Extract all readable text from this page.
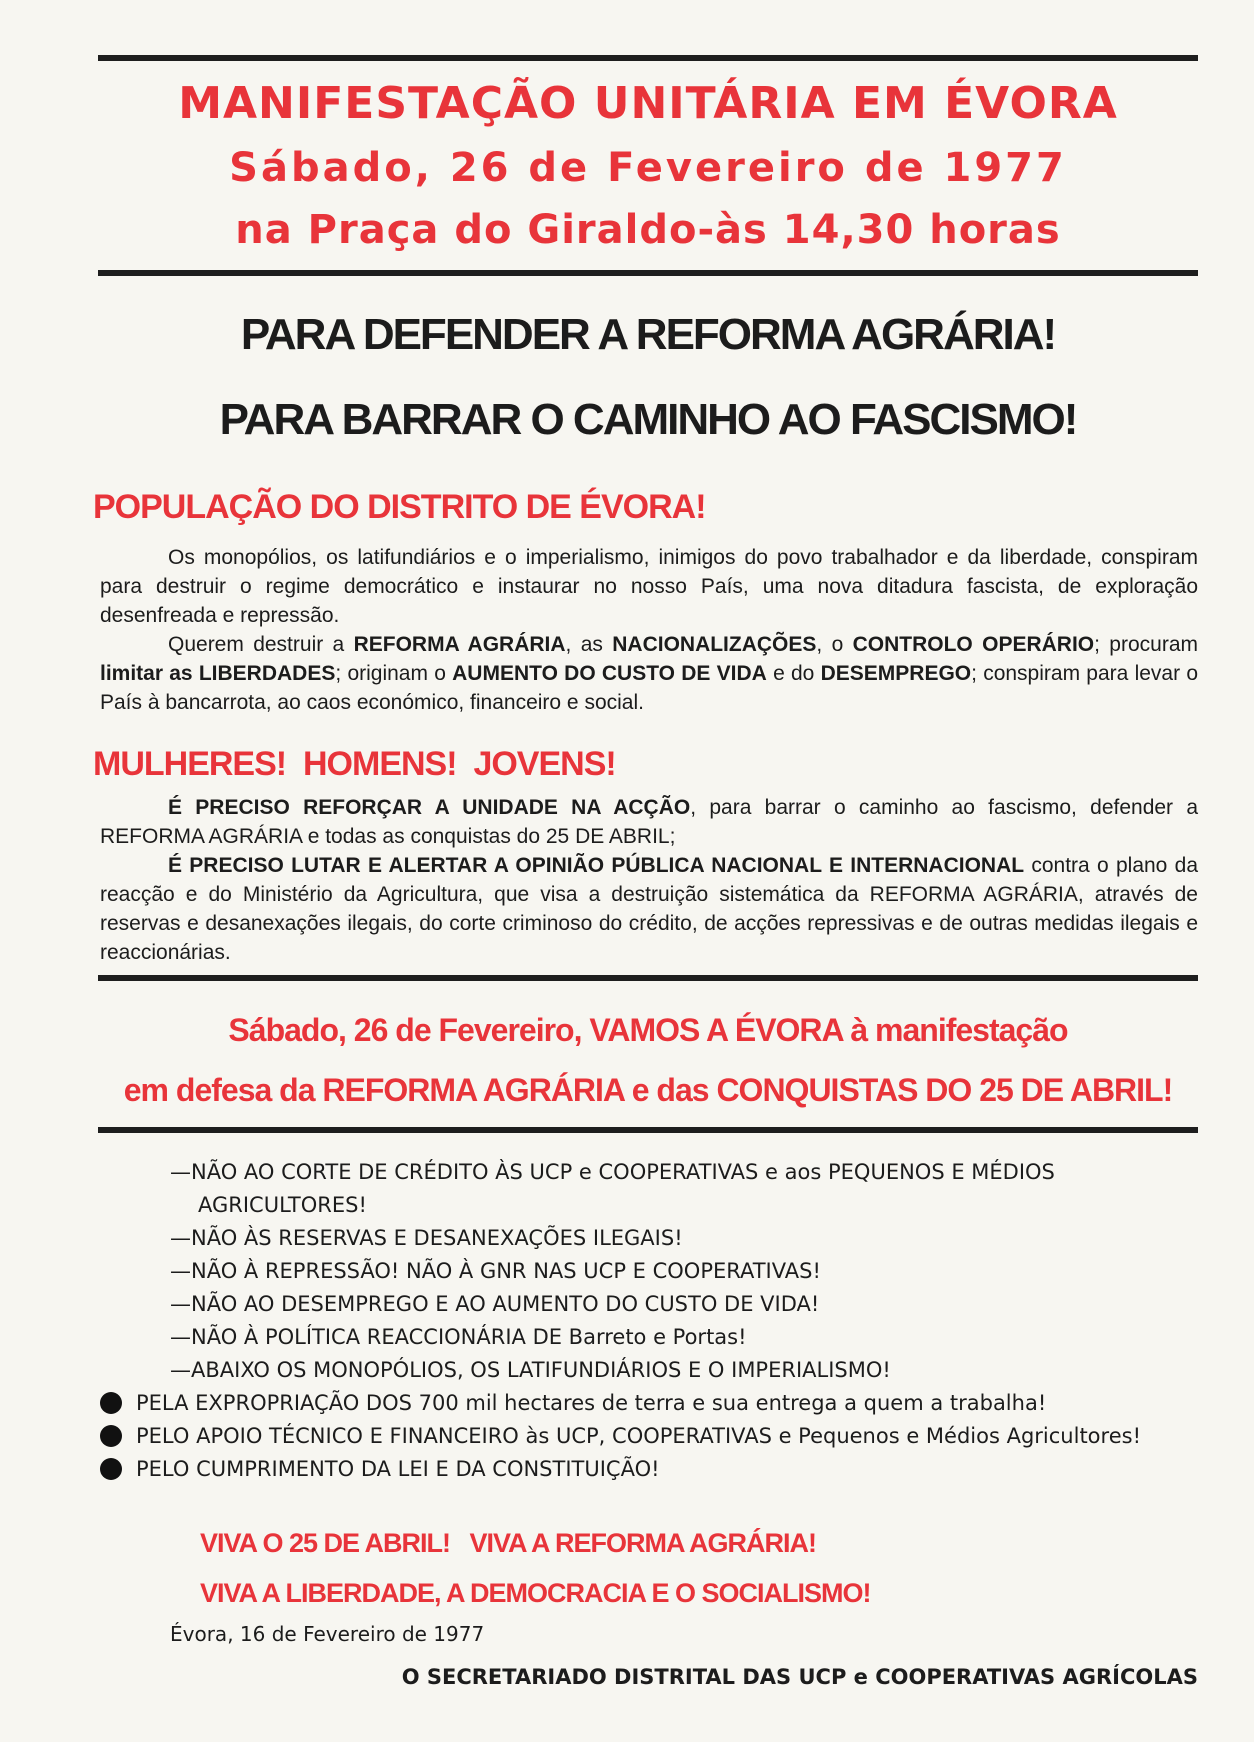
MANIFESTAÇÃO UNITÁRIA EM ÉVORA
Sábado, 26 de Fevereiro de 1977
na Praça do Giraldo-às 14,30 horas
PARA DEFENDER A REFORMA AGRÁRIA!
PARA BARRAR O CAMINHO AO FASCISMO!
POPULAÇÃO DO DISTRITO DE ÉVORA!

Os monopólios, os latifundiários e o imperialismo, inimigos do povo trabalhador e da liberdade, conspiram para destruir o regime democrático e instaurar no nosso País, uma nova ditadura fascista, de exploração desenfreada e repressão.

Querem destruir a REFORMA AGRÁRIA, as NACIONALIZAÇÕES, o CONTROLO OPERÁRIO; procuram limitar as LIBERDADES; originam o AUMENTO DO CUSTO DE VIDA e do DESEMPREGO; conspiram para levar o País à bancarrota, ao caos económico, financeiro e social.

MULHERES!  HOMENS!  JOVENS!

É PRECISO REFORÇAR A UNIDADE NA ACÇÃO, para barrar o caminho ao fascismo, defender a REFORMA AGRÁRIA e todas as conquistas do 25 DE ABRIL;

É PRECISO LUTAR E ALERTAR A OPINIÃO PÚBLICA NACIONAL E INTERNACIONAL contra o plano da reacção e do Ministério da Agricultura, que visa a destruição sistemática da REFORMA AGRÁRIA, através de reservas e desanexações ilegais, do corte criminoso do crédito, de acções repressivas e de outras medidas ilegais e reaccionárias.

Sábado, 26 de Fevereiro, VAMOS A ÉVORA à manifestação
em defesa da REFORMA AGRÁRIA e das CONQUISTAS DO 25 DE ABRIL!
—NÃO AO CORTE DE CRÉDITO ÀS UCP e COOPERATIVAS e aos PEQUENOS E MÉDIOS AGRICULTORES!
—NÃO ÀS RESERVAS E DESANEXAÇÕES ILEGAIS!
—NÃO À REPRESSÃO! NÃO À GNR NAS UCP E COOPERATIVAS!
—NÃO AO DESEMPREGO E AO AUMENTO DO CUSTO DE VIDA!
—NÃO À POLÍTICA REACCIONÁRIA DE Barreto e Portas!
—ABAIXO OS MONOPÓLIOS, OS LATIFUNDIÁRIOS E O IMPERIALISMO!
PELA EXPROPRIAÇÃO DOS 700 mil hectares de terra e sua entrega a quem a trabalha!
PELO APOIO TÉCNICO E FINANCEIRO às UCP, COOPERATIVAS e Pequenos e Médios Agricultores!
PELO CUMPRIMENTO DA LEI E DA CONSTITUIÇÃO!
VIVA O 25 DE ABRIL!   VIVA A REFORMA AGRÁRIA!
VIVA A LIBERDADE, A DEMOCRACIA E O SOCIALISMO!
Évora, 16 de Fevereiro de 1977
O SECRETARIADO DISTRITAL DAS UCP e COOPERATIVAS AGRÍCOLAS
